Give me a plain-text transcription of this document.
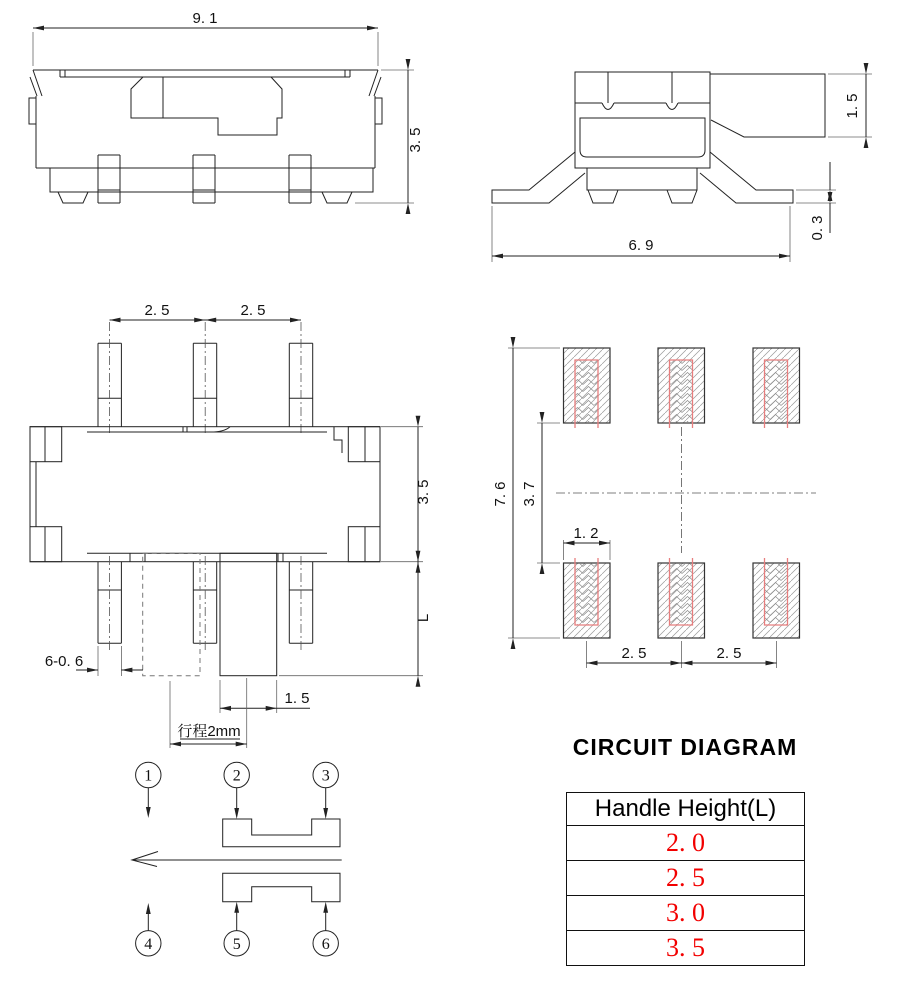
9. 1
3. 5
1. 5
0. 3
6. 9
2. 5	2. 5
3. 5
L
6-0. 6
1. 5
行程2mm
7. 6 3. 7
1. 2
2. 5	2. 5
1	2	3
4	5	6
CIRCUIT DIAGRAM
Handle Height(L)
2. 0
2. 5
3. 0
3. 5
